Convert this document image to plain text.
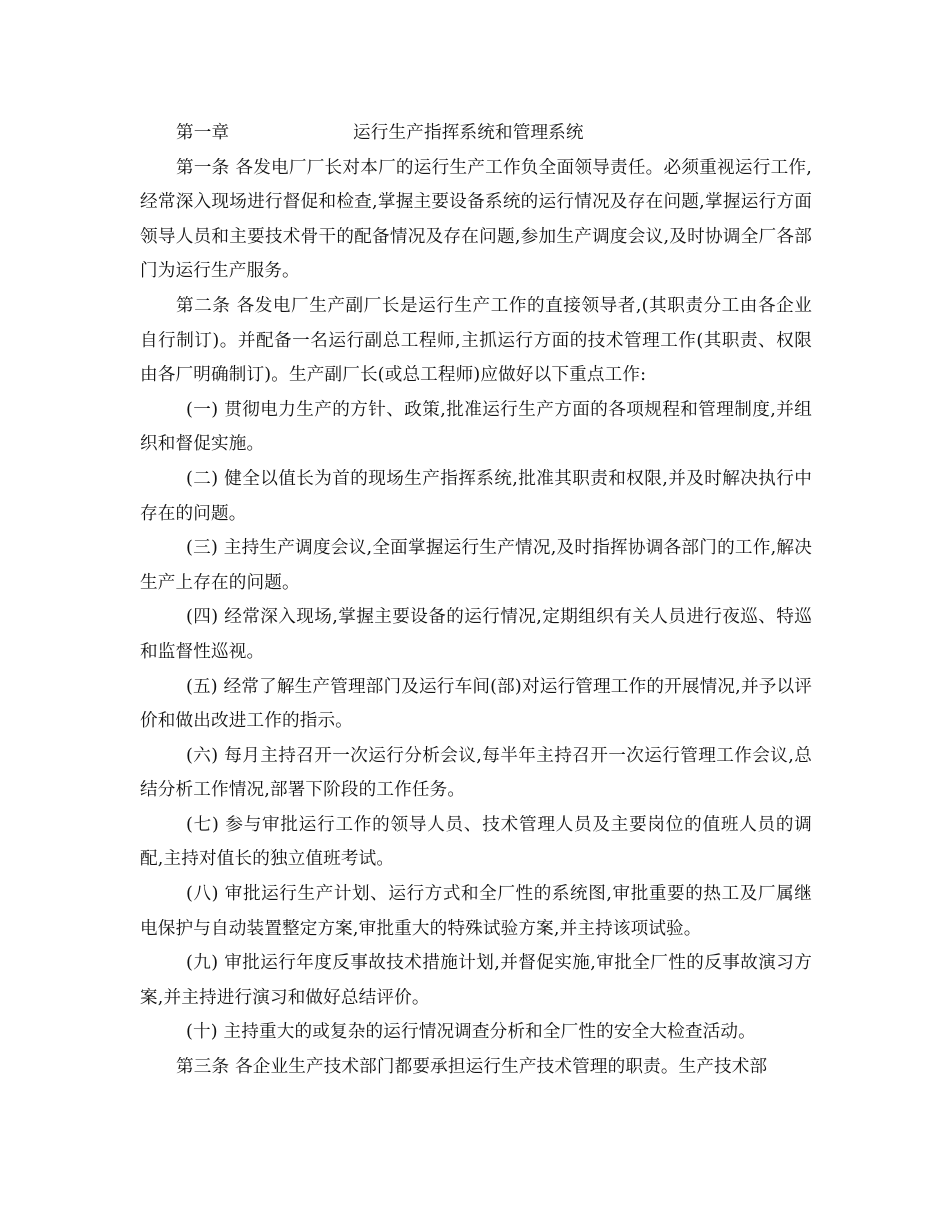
第一章	运行生产指挥系统和管理系统

第一条 各发电厂厂长对本厂的运行生产工作负全面领导责任。必须重视运行工作,经常深入现场进行督促和检查,掌握主要设备系统的运行情况及存在问题,掌握运行方面领导人员和主要技术骨干的配备情况及存在问题,参加生产调度会议,及时协调全厂各部门为运行生产服务。

第二条 各发电厂生产副厂长是运行生产工作的直接领导者,(其职责分工由各企业自行制订)。并配备一名运行副总工程师,主抓运行方面的技术管理工作(其职责、权限由各厂明确制订)。生产副厂长(或总工程师)应做好以下重点工作:

(一) 贯彻电力生产的方针、政策,批准运行生产方面的各项规程和管理制度,并组织和督促实施。

(二) 健全以值长为首的现场生产指挥系统,批准其职责和权限,并及时解决执行中存在的问题。

(三) 主持生产调度会议,全面掌握运行生产情况,及时指挥协调各部门的工作,解决生产上存在的问题。

(四) 经常深入现场,掌握主要设备的运行情况,定期组织有关人员进行夜巡、特巡和监督性巡视。

(五) 经常了解生产管理部门及运行车间(部)对运行管理工作的开展情况,并予以评价和做出改进工作的指示。

(六) 每月主持召开一次运行分析会议,每半年主持召开一次运行管理工作会议,总结分析工作情况,部署下阶段的工作任务。

(七) 参与审批运行工作的领导人员、技术管理人员及主要岗位的值班人员的调配,主持对值长的独立值班考试。

(八) 审批运行生产计划、运行方式和全厂性的系统图,审批重要的热工及厂属继电保护与自动装置整定方案,审批重大的特殊试验方案,并主持该项试验。

(九) 审批运行年度反事故技术措施计划,并督促实施,审批全厂性的反事故演习方案,并主持进行演习和做好总结评价。

(十) 主持重大的或复杂的运行情况调查分析和全厂性的安全大检查活动。

第三条 各企业生产技术部门都要承担运行生产技术管理的职责。生产技术部
